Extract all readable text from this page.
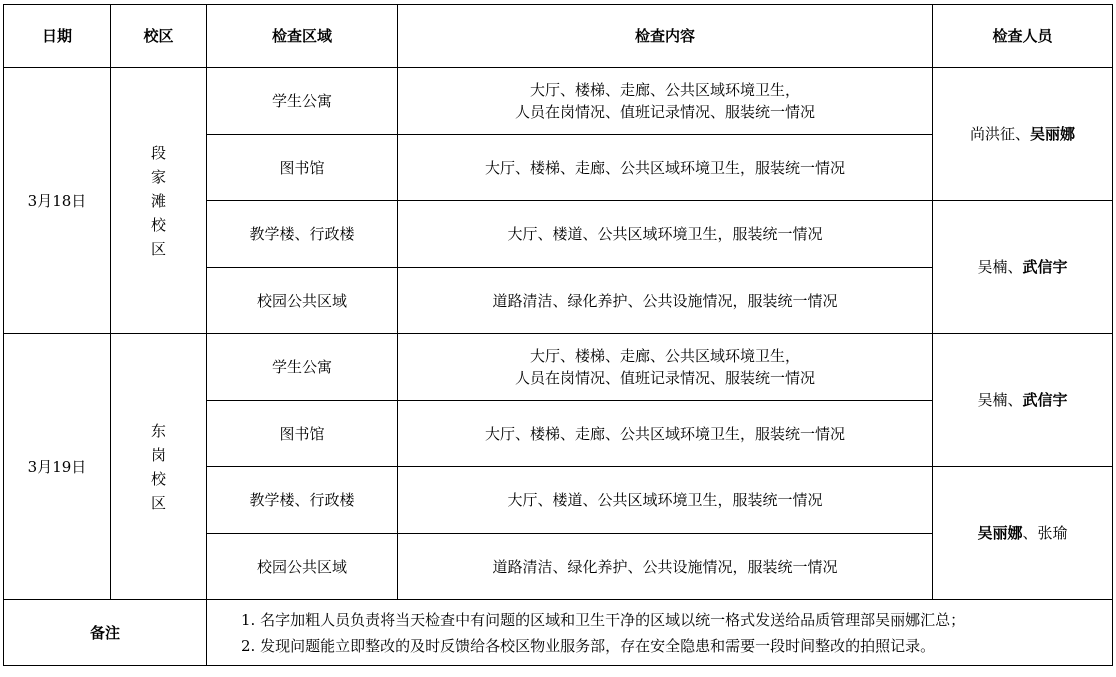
日期	校区	检查区域	检查内容	检查人员
3月18日	段家滩校区	学生公寓	大厅、楼梯、走廊、公共区域环境卫生，
人员在岗情况、值班记录情况、服装统一情况	尚洪征、吴丽娜
		图书馆	大厅、楼梯、走廊、公共区域环境卫生，服装统一情况	
		教学楼、行政楼	大厅、楼道、公共区域环境卫生，服装统一情况	吴楠、武信宇
		校园公共区域	道路清洁、绿化养护、公共设施情况，服装统一情况	
3月19日	东岗校区	学生公寓	大厅、楼梯、走廊、公共区域环境卫生，
人员在岗情况、值班记录情况、服装统一情况	吴楠、武信宇
		图书馆	大厅、楼梯、走廊、公共区域环境卫生，服装统一情况	
		教学楼、行政楼	大厅、楼道、公共区域环境卫生，服装统一情况	吴丽娜、张瑜
		校园公共区域	道路清洁、绿化养护、公共设施情况，服装统一情况	
备注		1. 名字加粗人员负责将当天检查中有问题的区域和卫生干净的区域以统一格式发送给品质管理部吴丽娜汇总；
2. 发现问题能立即整改的及时反馈给各校区物业服务部，存在安全隐患和需要一段时间整改的拍照记录。		
